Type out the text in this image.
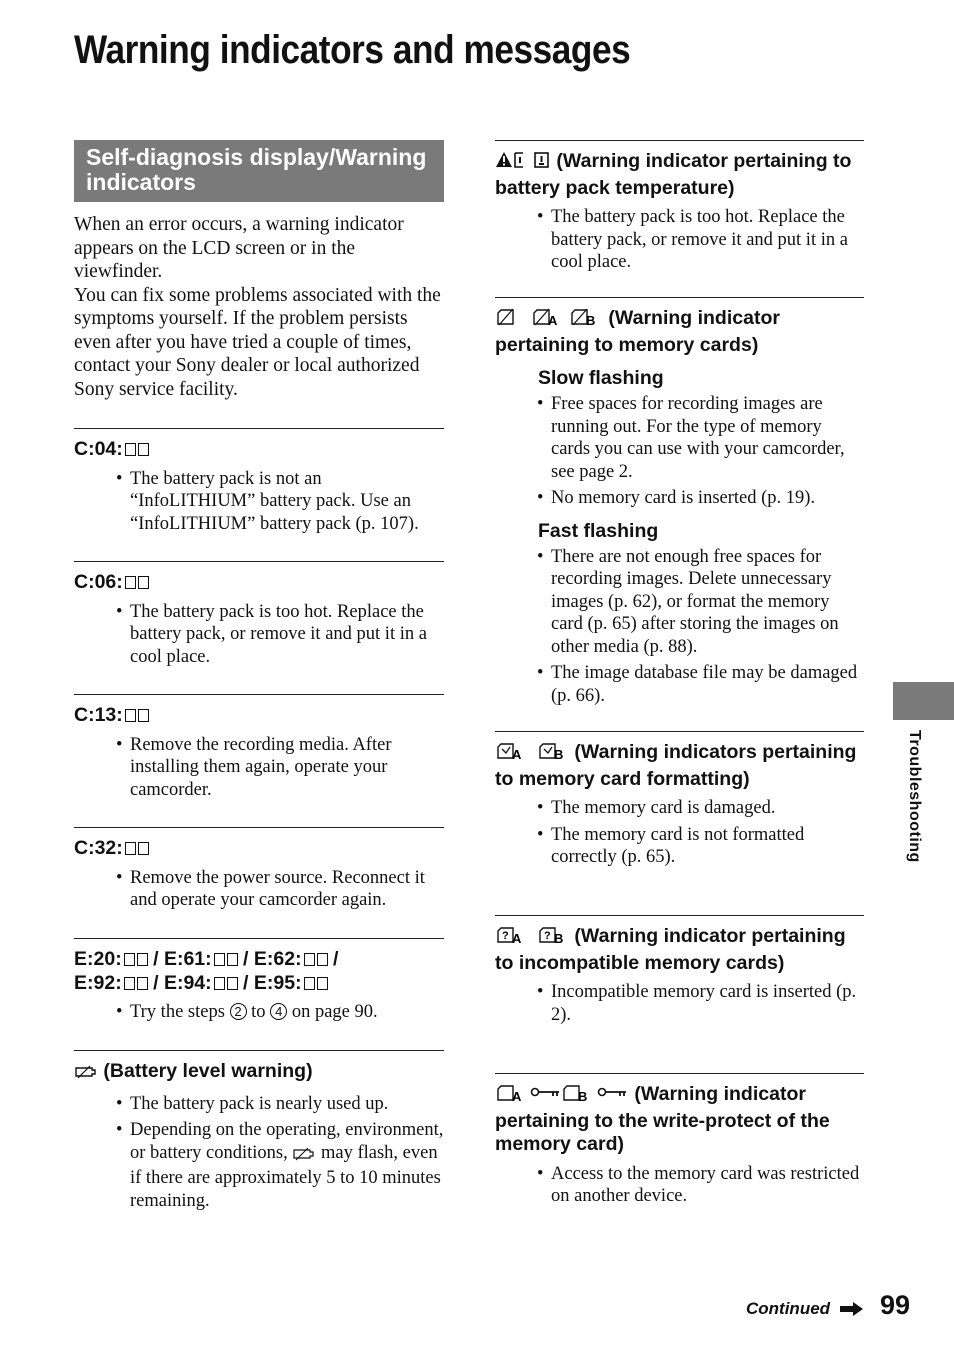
Warning indicators and messages
Self-diagnosis display/Warning indicators
When an error occurs, a warning indicator appears on the LCD screen or in the viewfinder.
You can fix some problems associated with the symptoms yourself. If the problem persists even after you have tried a couple of times, contact your Sony dealer or local authorized Sony service facility.
C:04:
• The battery pack is not an “InfoLITHIUM” battery pack. Use an “InfoLITHIUM” battery pack (p. 107).
C:06:
• The battery pack is too hot. Replace the battery pack, or remove it and put it in a cool place.
C:13:
• Remove the recording media. After installing them again, operate your camcorder.
C:32:
• Remove the power source. Reconnect it and operate your camcorder again.
E:20: / E:61: / E:62: /
E:92: / E:94: / E:95:
• Try the steps 2 to 4 on page 90.
(Battery level warning)
• The battery pack is nearly used up.
• Depending on the operating, environment, or battery conditions, may flash, even if there are approximately 5 to 10 minutes remaining.
(Warning indicator pertaining to battery pack temperature)
• The battery pack is too hot. Replace the battery pack, or remove it and put it in a cool place.
A B (Warning indicator pertaining to memory cards)
Slow flashing
• Free spaces for recording images are running out. For the type of memory cards you can use with your camcorder, see page 2.
• No memory card is inserted (p. 19).
Fast flashing
• There are not enough free spaces for recording images. Delete unnecessary images (p. 62), or format the memory card (p. 65) after storing the images on other media (p. 88).
• The image database file may be damaged (p. 66).
A	B (Warning indicators pertaining to memory card formatting)
• The memory card is damaged.
• The memory card is not formatted correctly (p. 65).
? A ? B (Warning indicator pertaining to incompatible memory cards)
• Incompatible memory card is inserted (p. 2).
A	B (Warning indicator pertaining to the write-protect of the memory card)
• Access to the memory card was restricted on another device.
Troubleshooting
Continued 99
